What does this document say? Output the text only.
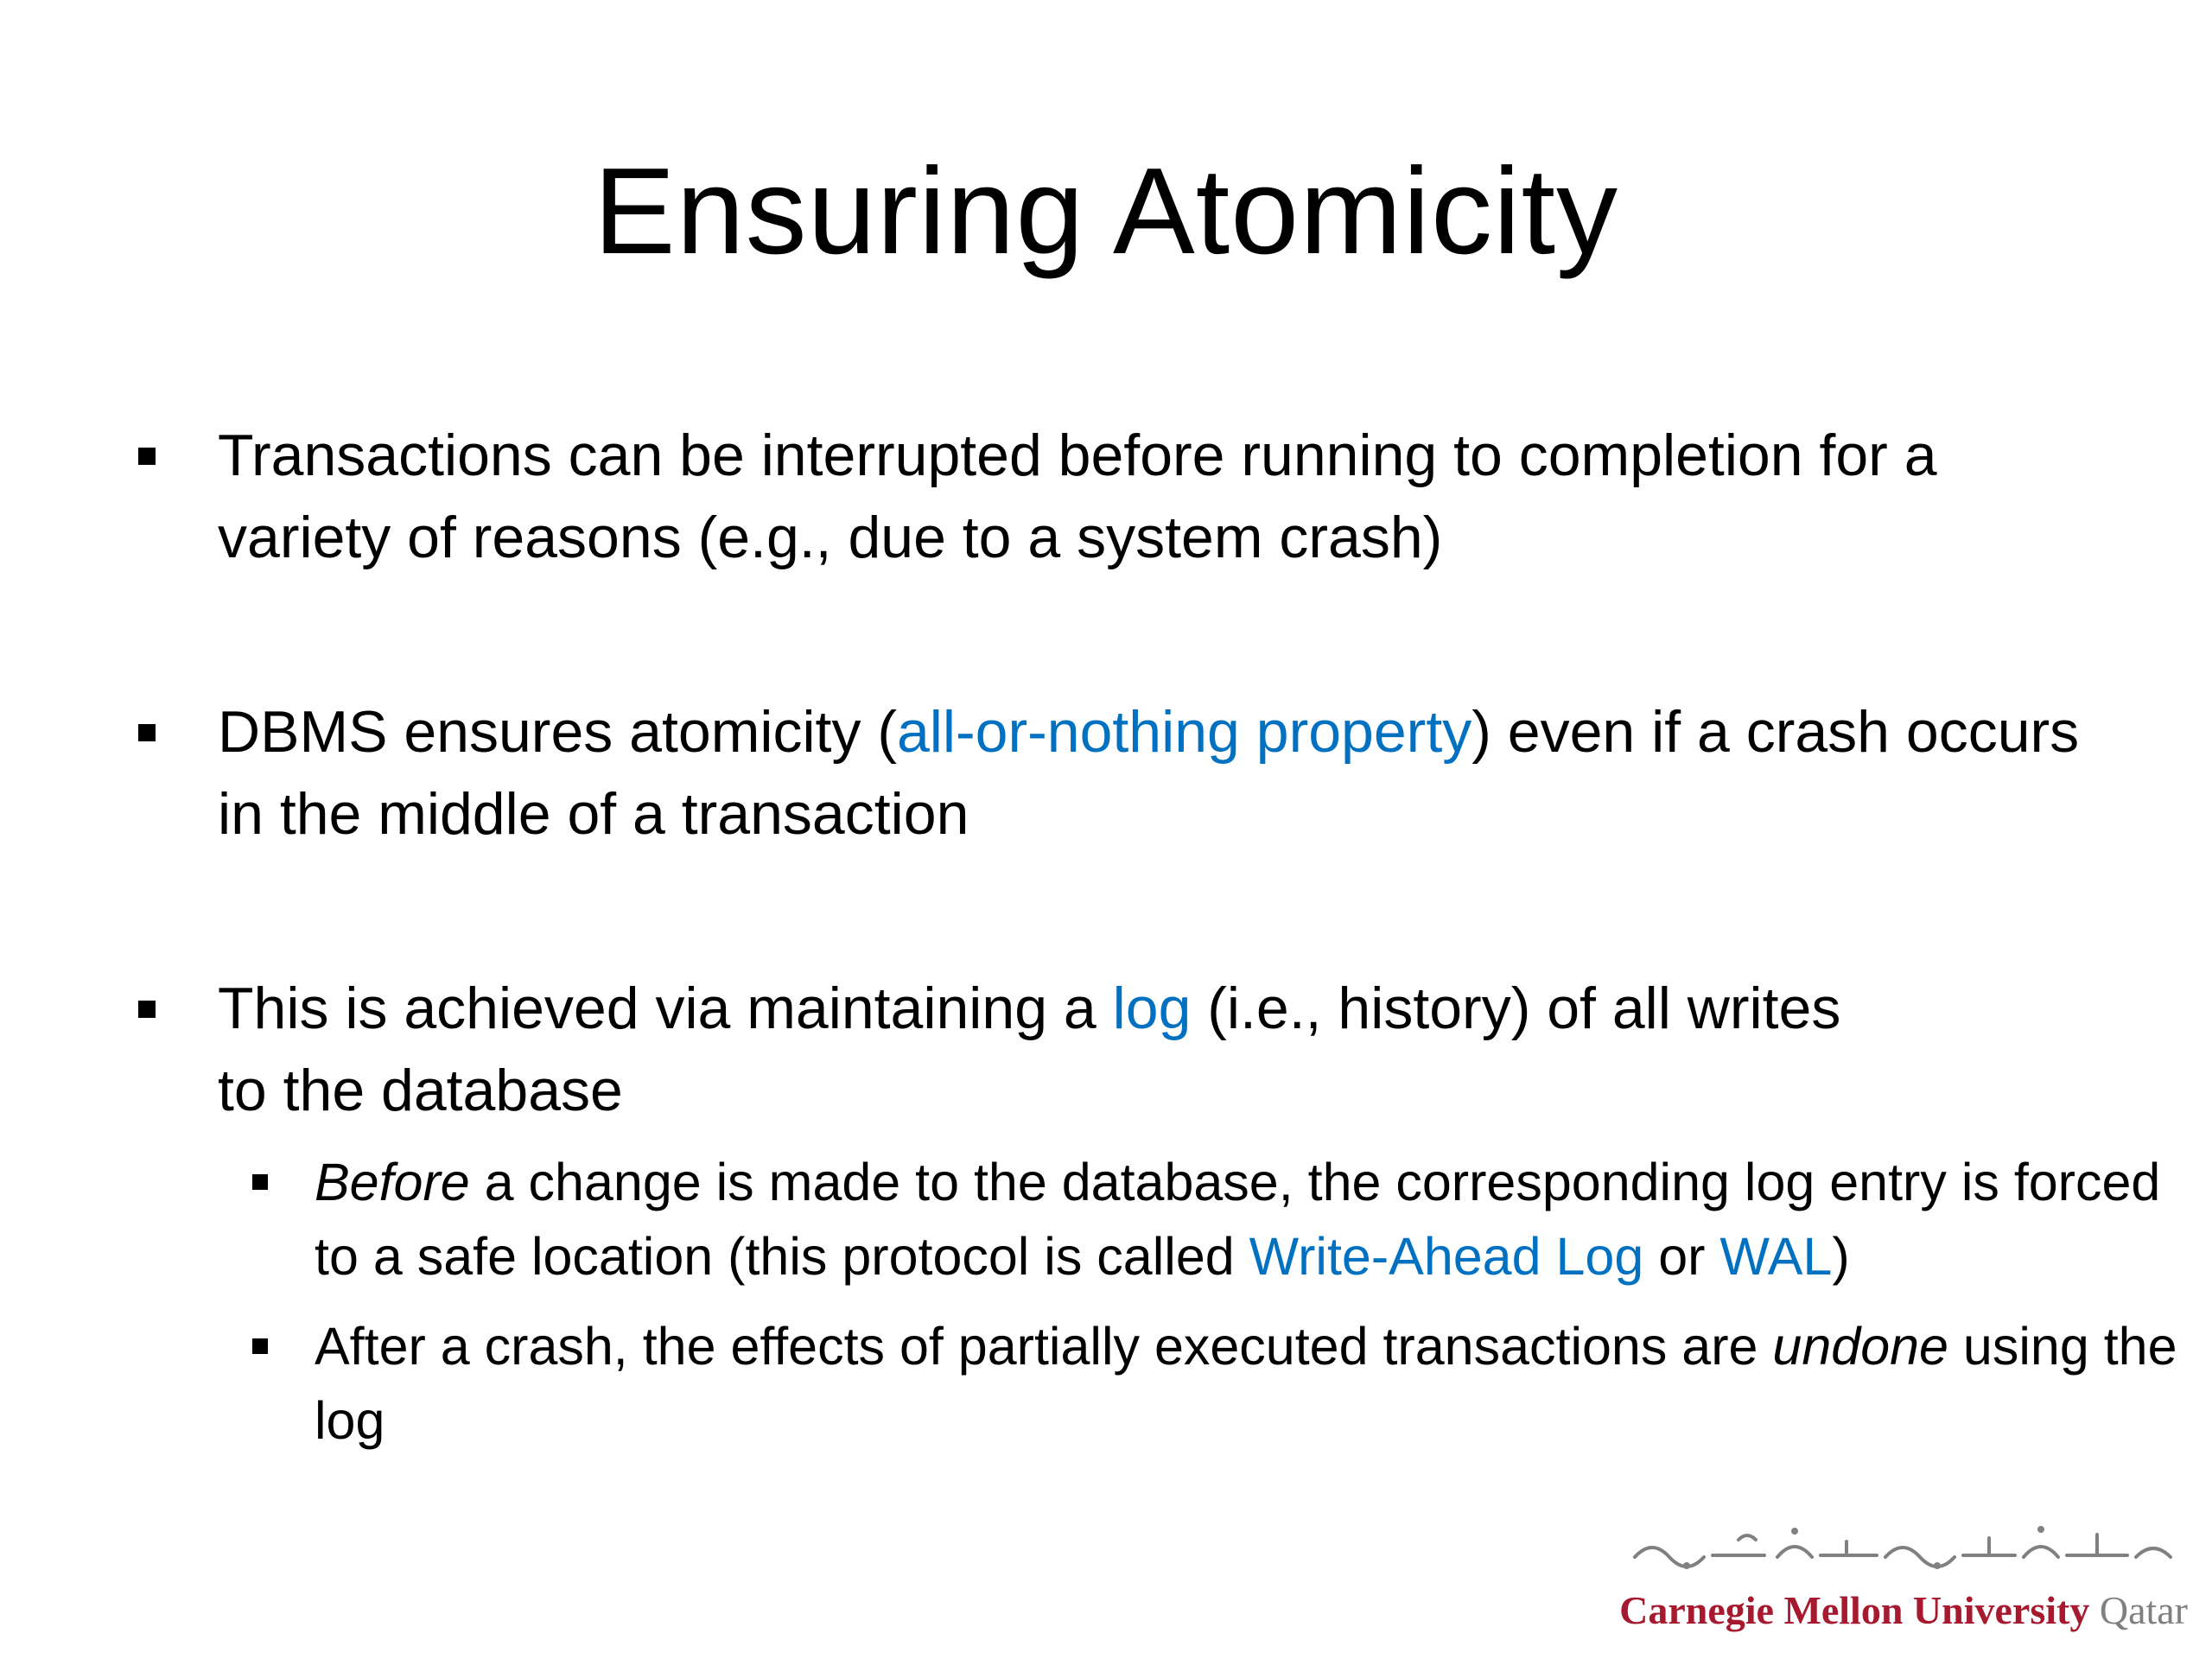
Ensuring Atomicity
Transactions can be interrupted before running to completion for a variety of reasons (e.g., due to a system crash)
DBMS ensures atomicity (all-or-nothing property) even if a crash occurs in the middle of a transaction
This is achieved via maintaining a log (i.e., history) of all writes
to the database
Before a change is made to the database, the corresponding log entry is forced to a safe location (this protocol is called Write-Ahead Log or WAL)
After a crash, the effects of partially executed transactions are undone using the log
Carnegie Mellon University Qatar
